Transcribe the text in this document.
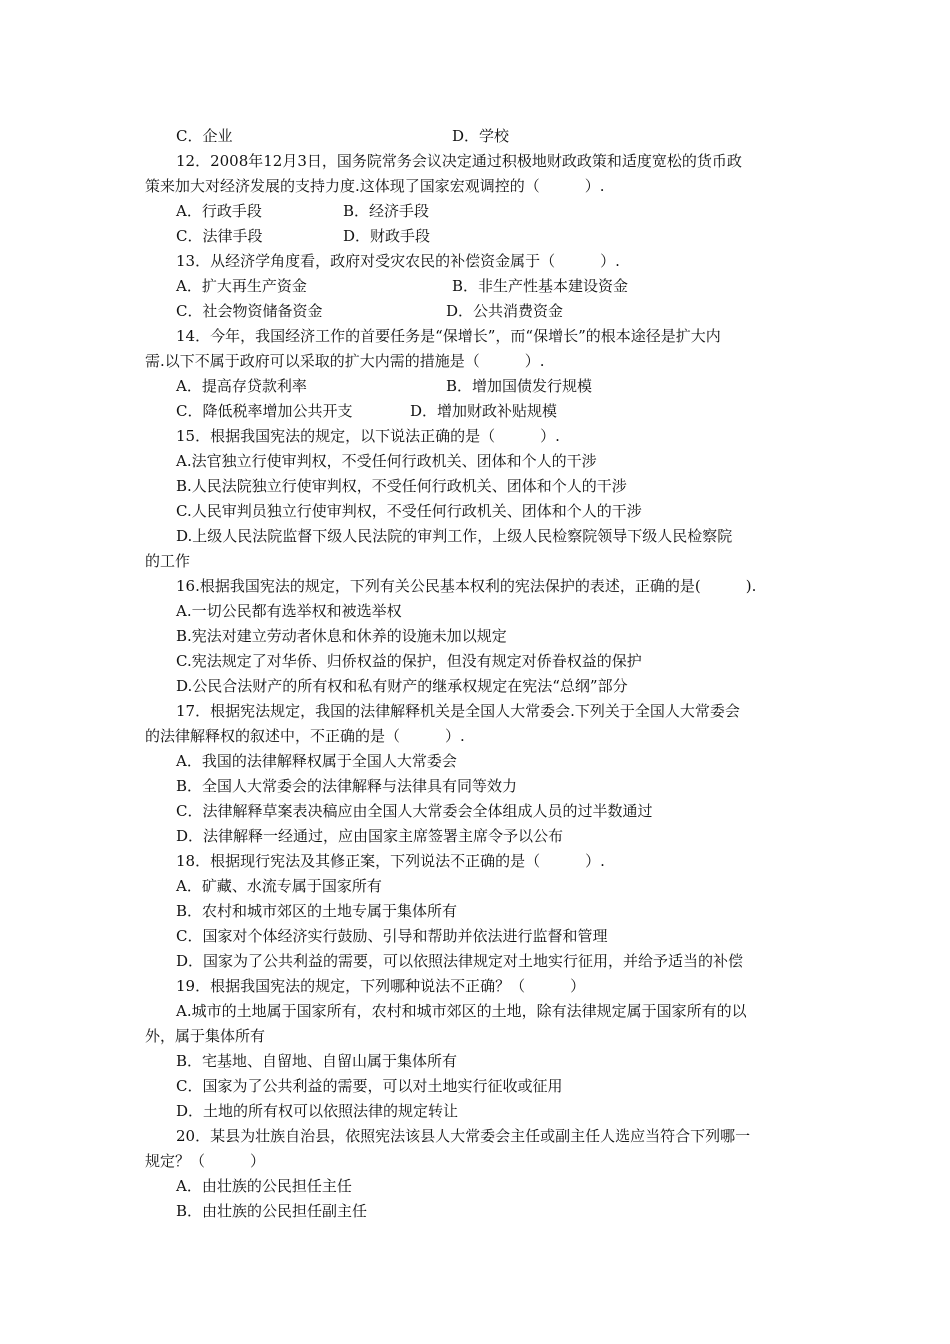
C．企业	D．学校
12．2008年12月3日，国务院常务会议决定通过积极地财政政策和适度宽松的货币政
策来加大对经济发展的支持力度.这体现了国家宏观调控的（　　　）.
A．行政手段	B．经济手段
C．法律手段	D．财政手段
13．从经济学角度看，政府对受灾农民的补偿资金属于（　　　）.
A．扩大再生产资金	B．非生产性基本建设资金
C．社会物资储备资金	D．公共消费资金
14．今年，我国经济工作的首要任务是“保增长”，而“保增长”的根本途径是扩大内
需.以下不属于政府可以采取的扩大内需的措施是（　　　）.
A．提高存贷款利率	B．增加国债发行规模
C．降低税率增加公共开支	D．增加财政补贴规模
15．根据我国宪法的规定，以下说法正确的是（　　　）.
A.法官独立行使审判权，不受任何行政机关、团体和个人的干涉
B.人民法院独立行使审判权，不受任何行政机关、团体和个人的干涉
C.人民审判员独立行使审判权，不受任何行政机关、团体和个人的干涉
D.上级人民法院监督下级人民法院的审判工作，上级人民检察院领导下级人民检察院
的工作
16.根据我国宪法的规定，下列有关公民基本权利的宪法保护的表述，正确的是(　　　).
A.一切公民都有选举权和被选举权
B.宪法对建立劳动者休息和休养的设施未加以规定
C.宪法规定了对华侨、归侨权益的保护，但没有规定对侨眷权益的保护
D.公民合法财产的所有权和私有财产的继承权规定在宪法“总纲”部分
17．根据宪法规定，我国的法律解释机关是全国人大常委会.下列关于全国人大常委会
的法律解释权的叙述中，不正确的是（　　　）.
A．我国的法律解释权属于全国人大常委会
B．全国人大常委会的法律解释与法律具有同等效力
C．法律解释草案表决稿应由全国人大常委会全体组成人员的过半数通过
D．法律解释一经通过，应由国家主席签署主席令予以公布
18．根据现行宪法及其修正案，下列说法不正确的是（　　　）.
A．矿藏、水流专属于国家所有
B．农村和城市郊区的土地专属于集体所有
C．国家对个体经济实行鼓励、引导和帮助并依法进行监督和管理
D．国家为了公共利益的需要，可以依照法律规定对土地实行征用，并给予适当的补偿
19．根据我国宪法的规定，下列哪种说法不正确？（　　　）
A.城市的土地属于国家所有，农村和城市郊区的土地，除有法律规定属于国家所有的以
外，属于集体所有
B．宅基地、自留地、自留山属于集体所有
C．国家为了公共利益的需要，可以对土地实行征收或征用
D．土地的所有权可以依照法律的规定转让
20．某县为壮族自治县，依照宪法该县人大常委会主任或副主任人选应当符合下列哪一
规定？（　　　）
A．由壮族的公民担任主任
B．由壮族的公民担任副主任
